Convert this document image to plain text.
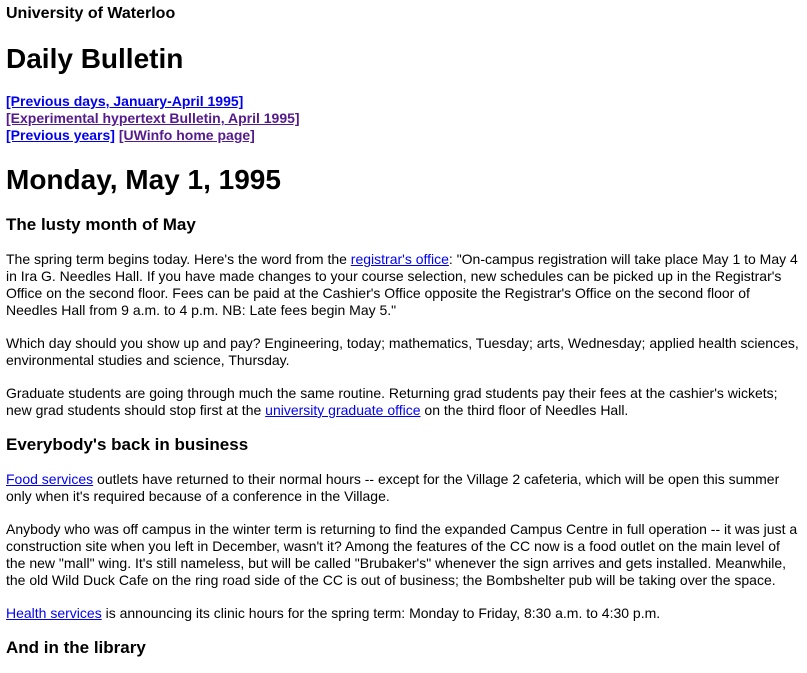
University of Waterloo
Daily Bulletin
[Previous days, January-April 1995]
[Experimental hypertext Bulletin, April 1995]
[Previous years] [UWinfo home page]
Monday, May 1, 1995
The lusty month of May

The spring term begins today. Here's the word from the registrar's office: "On-campus registration will take place May 1 to May 4 in Ira G. Needles Hall. If you have made changes to your course selection, new schedules can be picked up in the Registrar's Office on the second floor. Fees can be paid at the Cashier's Office opposite the Registrar's Office on the second floor of Needles Hall from 9 a.m. to 4 p.m. NB: Late fees begin May 5."

Which day should you show up and pay? Engineering, today; mathematics, Tuesday; arts, Wednesday; applied health sciences, environmental studies and science, Thursday.

Graduate students are going through much the same routine. Returning grad students pay their fees at the cashier's wickets; new grad students should stop first at the university graduate office on the third floor of Needles Hall.

Everybody's back in business

Food services outlets have returned to their normal hours -- except for the Village 2 cafeteria, which will be open this summer only when it's required because of a conference in the Village.

Anybody who was off campus in the winter term is returning to find the expanded Campus Centre in full operation -- it was just a construction site when you left in December, wasn't it? Among the features of the CC now is a food outlet on the main level of the new "mall" wing. It's still nameless, but will be called "Brubaker's" whenever the sign arrives and gets installed. Meanwhile, the old Wild Duck Cafe on the ring road side of the CC is out of business; the Bombshelter pub will be taking over the space.

Health services is announcing its clinic hours for the spring term: Monday to Friday, 8:30 a.m. to 4:30 p.m.

And in the library
